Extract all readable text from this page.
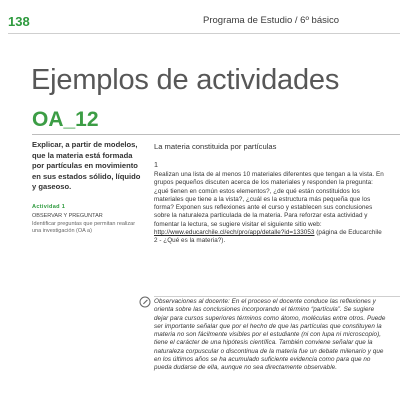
138	Programa de Estudio / 6º básico
Ejemplos de actividades
OA_12
Explicar, a partir de modelos, que la materia está formada por partículas en movimiento en sus estados sólido, líquido y gaseoso.
Actividad 1
OBSERVAR Y PREGUNTAR
Identificar preguntas que permitan realizar una investigación (OA a)
La materia constituida por partículas
1
Realizan una lista de al menos 10 materiales diferentes que tengan a la vista. En grupos pequeños discuten acerca de los materiales y responden la pregunta: ¿qué tienen en común estos elementos?, ¿de qué están constituidos los materiales que tiene a la vista?, ¿cuál es la estructura más pequeña que los forma? Exponen sus reflexiones ante el curso y establecen sus conclusiones sobre la naturaleza particulada de la materia. Para reforzar esta actividad y fomentar la lectura, se sugiere visitar el siguiente sitio web: http://www.educarchile.cl/ech/pro/app/detalle?id=133053 (página de Educarchile 2 - ¿Qué es la materia?).
Observaciones al docente: En el proceso el docente conduce las reflexiones y orienta sobre las conclusiones incorporando el término “partícula”. Se sugiere dejar para cursos superiores términos como átomo, moléculas entre otros. Puede ser importante señalar que por el hecho de que las partículas que constituyen la materia no son fácilmente visibles por el estudiante (ni con lupa ni microscopio), tiene el carácter de una hipótesis científica. También conviene señalar que la naturaleza corpuscular o discontinua de la materia fue un debate milenario y que en los últimos años se ha acumulado suficiente evidencia como para que no pueda dudarse de ella, aunque no sea directamente observable.
